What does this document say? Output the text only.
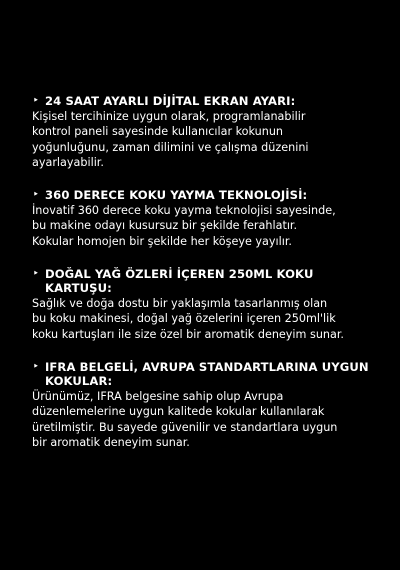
‣ 24 SAAT AYARLI DİJİTAL EKRAN AYARI:
Kişisel tercihinize uygun olarak, programlanabilir
kontrol paneli sayesinde kullanıcılar kokunun
yoğunluğunu, zaman dilimini ve çalışma düzenini
ayarlayabilir.
‣ 360 DERECE KOKU YAYMA TEKNOLOJİSİ:
İnovatif 360 derece koku yayma teknolojisi sayesinde,
bu makine odayı kusursuz bir şekilde ferahlatır.
Kokular homojen bir şekilde her köşeye yayılır.
‣ DOĞAL YAĞ ÖZLERİ İÇEREN 250ML KOKU KARTUŞU:
Sağlık ve doğa dostu bir yaklaşımla tasarlanmış olan
bu koku makinesi, doğal yağ özelerini içeren 250ml'lik
koku kartuşları ile size özel bir aromatik deneyim sunar.
‣ IFRA BELGELİ, AVRUPA STANDARTLARINA UYGUN KOKULAR:
Ürünümüz, IFRA belgesine sahip olup Avrupa
düzenlemelerine uygun kalitede kokular kullanılarak
üretilmiştir. Bu sayede güvenilir ve standartlara uygun
bir aromatik deneyim sunar.
